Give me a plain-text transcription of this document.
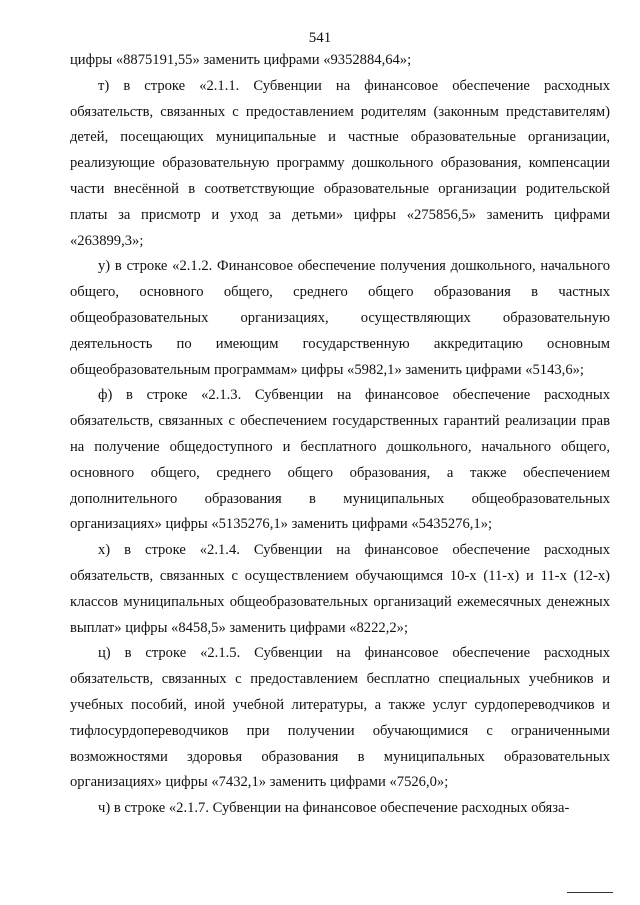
541

цифры «8875191,55» заменить цифрами «9352884,64»;

т) в строке «2.1.1. Субвенции на финансовое обеспечение расходных обязательств, связанных с предоставлением родителям (законным представителям) детей, посещающих муниципальные и частные образовательные организации, реализующие образовательную программу дошкольного образования, компенсации части внесённой в соответствующие образовательные организации родительской платы за присмотр и уход за детьми» цифры «275856,5» заменить цифрами «263899,3»;

у) в строке «2.1.2. Финансовое обеспечение получения дошкольного, начального общего, основного общего, среднего общего образования в частных общеобразовательных организациях, осуществляющих образовательную деятельность по имеющим государственную аккредитацию основным общеобразовательным программам» цифры «5982,1» заменить цифрами «5143,6»;

ф) в строке «2.1.3. Субвенции на финансовое обеспечение расходных обязательств, связанных с обеспечением государственных гарантий реализации прав на получение общедоступного и бесплатного дошкольного, начального общего, основного общего, среднего общего образования, а также обеспечением дополнительного образования в муниципальных общеобразовательных организациях» цифры «5135276,1» заменить цифрами «5435276,1»;

х) в строке «2.1.4. Субвенции на финансовое обеспечение расходных обязательств, связанных с осуществлением обучающимся 10-х (11-х) и 11-х (12-х) классов муниципальных общеобразовательных организаций ежемесячных денежных выплат» цифры «8458,5» заменить цифрами «8222,2»;

ц) в строке «2.1.5. Субвенции на финансовое обеспечение расходных обязательств, связанных с предоставлением бесплатно специальных учебников и учебных пособий, иной учебной литературы, а также услуг сурдопереводчиков и тифлосурдопереводчиков при получении обучающимися с ограниченными возможностями здоровья образования в муниципальных образовательных организациях» цифры «7432,1» заменить цифрами «7526,0»;

ч) в строке «2.1.7. Субвенции на финансовое обеспечение расходных обяза-
